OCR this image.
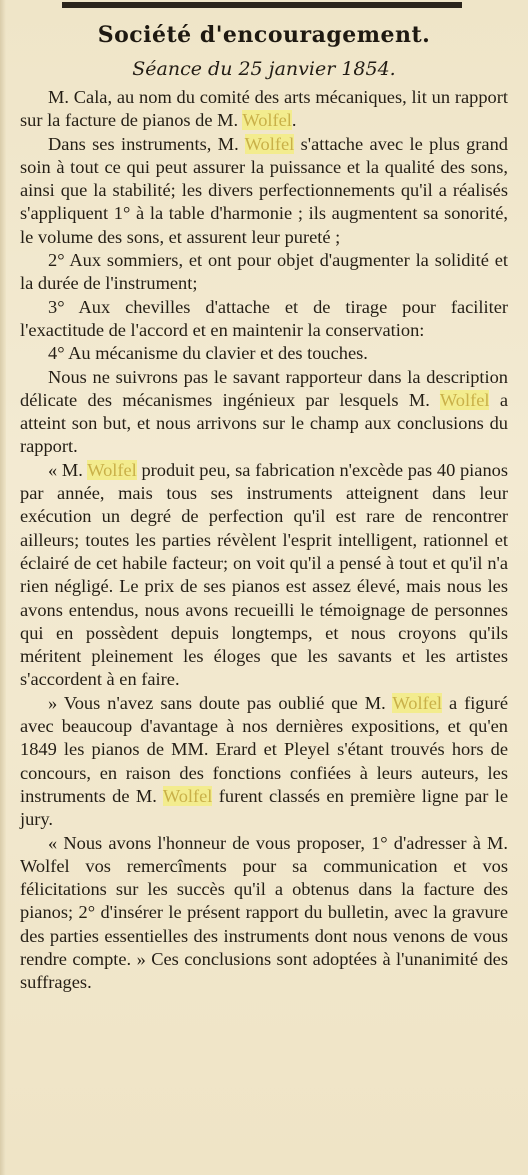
Société d'encouragement.
Séance du 25 janvier 1854.

M. Cala, au nom du comité des arts mécaniques, lit un rapport sur la facture de pianos de M. Wolfel.

Dans ses instruments, M. Wolfel s'attache avec le plus grand soin à tout ce qui peut assurer la puissance et la qualité des sons, ainsi que la stabilité; les divers perfectionnements qu'il a réalisés s'appliquent 1° à la table d'harmonie ; ils augmentent sa sonorité, le volume des sons, et assurent leur pureté ;

2° Aux sommiers, et ont pour objet d'augmenter la solidité et la durée de l'instrument;

3° Aux chevilles d'attache et de tirage pour faciliter l'exactitude de l'accord et en maintenir la conservation:

4° Au mécanisme du clavier et des touches.

Nous ne suivrons pas le savant rapporteur dans la description délicate des mécanismes ingénieux par lesquels M. Wolfel a atteint son but, et nous arrivons sur le champ aux conclusions du rapport.

« M. Wolfel produit peu, sa fabrication n'excède pas 40 pianos par année, mais tous ses instruments atteignent dans leur exécution un degré de perfection qu'il est rare de rencontrer ailleurs; toutes les parties révèlent l'esprit intelligent, rationnel et éclairé de cet habile facteur; on voit qu'il a pensé à tout et qu'il n'a rien négligé. Le prix de ses pianos est assez élevé, mais nous les avons entendus, nous avons recueilli le témoignage de personnes qui en possèdent depuis longtemps, et nous croyons qu'ils méritent pleinement les éloges que les savants et les artistes s'accordent à en faire.

» Vous n'avez sans doute pas oublié que M. Wolfel a figuré avec beaucoup d'avantage à nos dernières expositions, et qu'en 1849 les pianos de MM. Erard et Pleyel s'étant trouvés hors de concours, en raison des fonctions confiées à leurs auteurs, les instruments de M. Wolfel furent classés en première ligne par le jury.

« Nous avons l'honneur de vous proposer, 1° d'adresser à M. Wolfel vos remercîments pour sa communication et vos félicitations sur les succès qu'il a obtenus dans la facture des pianos; 2° d'insérer le présent rapport du bulletin, avec la gravure des parties essentielles des instruments dont nous venons de vous rendre compte. » Ces conclusions sont adoptées à l'unanimité des suffrages.
